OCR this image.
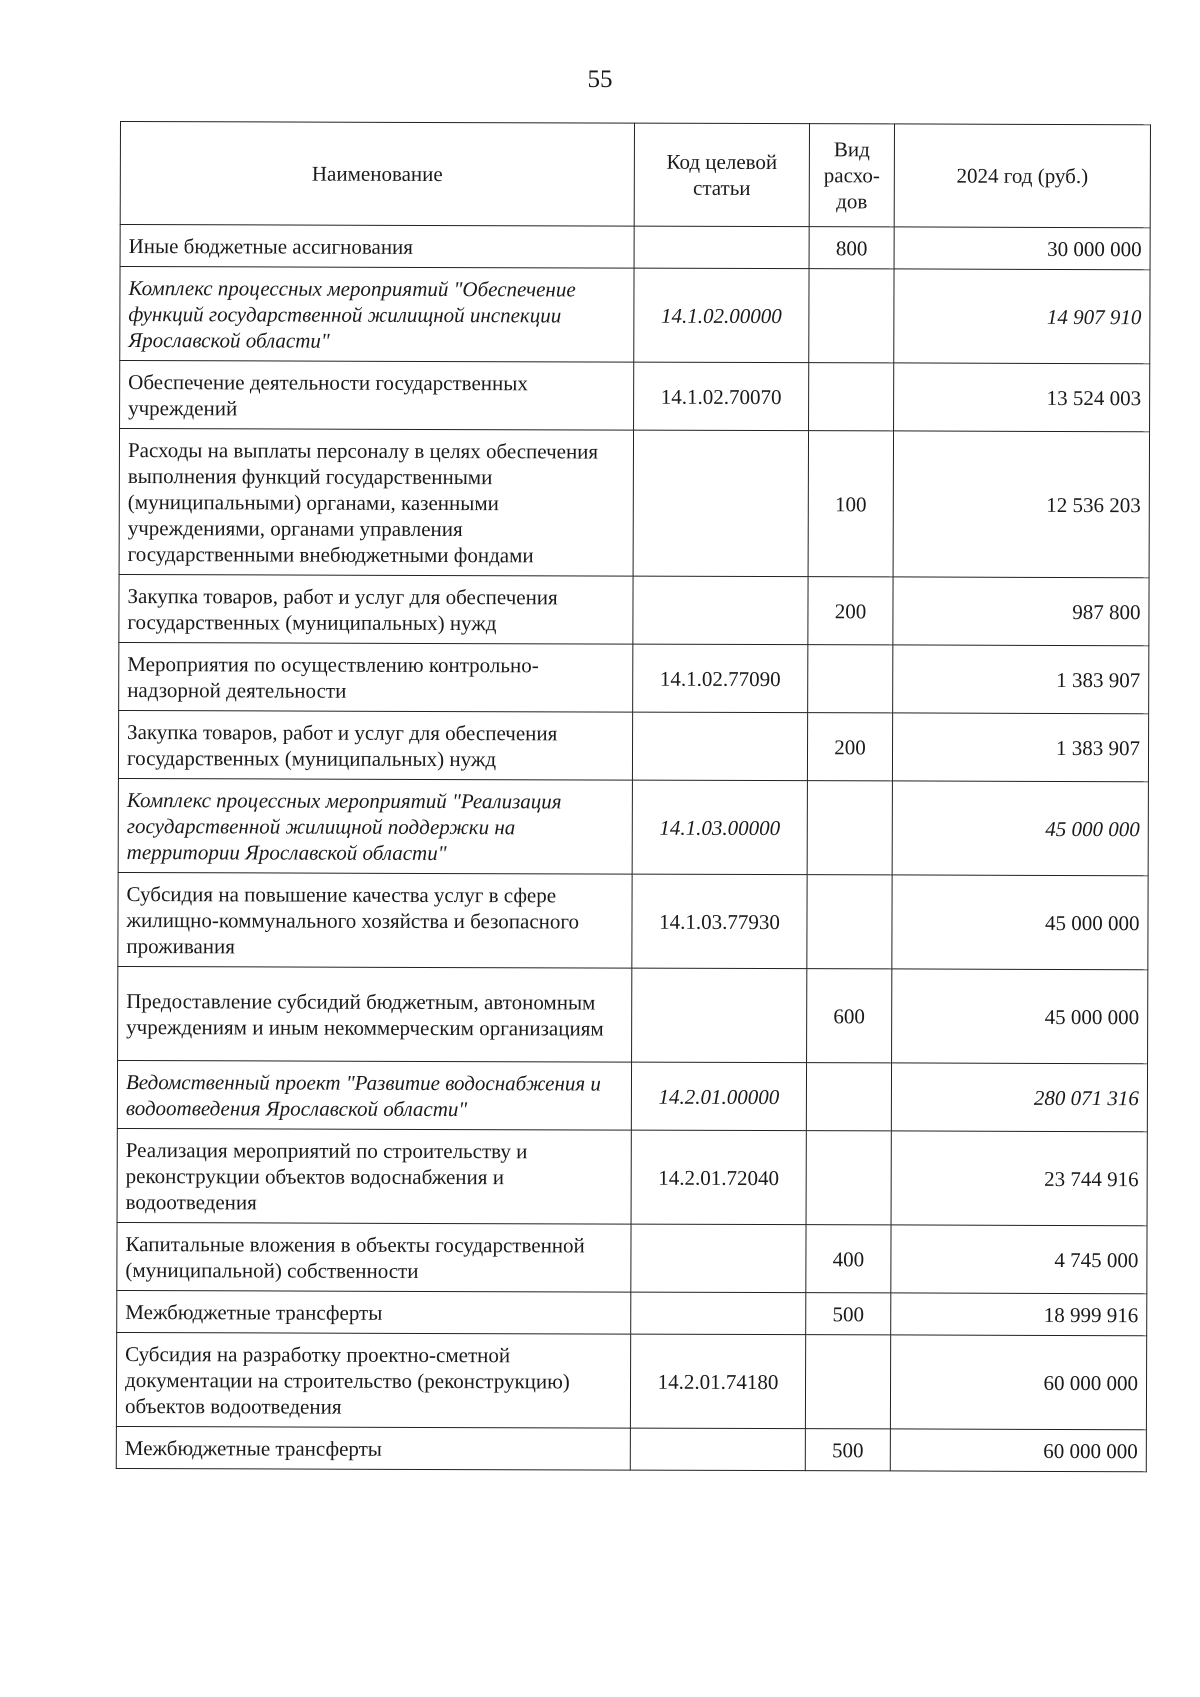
55
Наименование	Код целевой статьи	Вид расхо-дов	2024 год (руб.)
Иные бюджетные ассигнования		800	30 000 000
Комплекс процессных мероприятий "Обеспечение функций государственной жилищной инспекции Ярославской области"	14.1.02.00000		14 907 910
Обеспечение деятельности государственных учреждений	14.1.02.70070		13 524 003
Расходы на выплаты персоналу в целях обеспечения выполнения функций государственными (муниципальными) органами, казенными учреждениями, органами управления государственными внебюджетными фондами		100	12 536 203
Закупка товаров, работ и услуг для обеспечения государственных (муниципальных) нужд		200	987 800
Мероприятия по осуществлению контрольно-надзорной деятельности	14.1.02.77090		1 383 907
Закупка товаров, работ и услуг для обеспечения государственных (муниципальных) нужд		200	1 383 907
Комплекс процессных мероприятий "Реализация государственной жилищной поддержки на территории Ярославской области"	14.1.03.00000		45 000 000
Субсидия на повышение качества услуг в сфере жилищно-коммунального хозяйства и безопасного проживания	14.1.03.77930		45 000 000
Предоставление субсидий бюджетным, автономным учреждениям и иным некоммерческим организациям		600	45 000 000
Ведомственный проект "Развитие водоснабжения и водоотведения Ярославской области"	14.2.01.00000		280 071 316
Реализация мероприятий по строительству и реконструкции объектов водоснабжения и водоотведения	14.2.01.72040		23 744 916
Капитальные вложения в объекты государственной (муниципальной) собственности		400	4 745 000
Межбюджетные трансферты		500	18 999 916
Субсидия на разработку проектно-сметной документации на строительство (реконструкцию) объектов водоотведения	14.2.01.74180		60 000 000
Межбюджетные трансферты		500	60 000 000
